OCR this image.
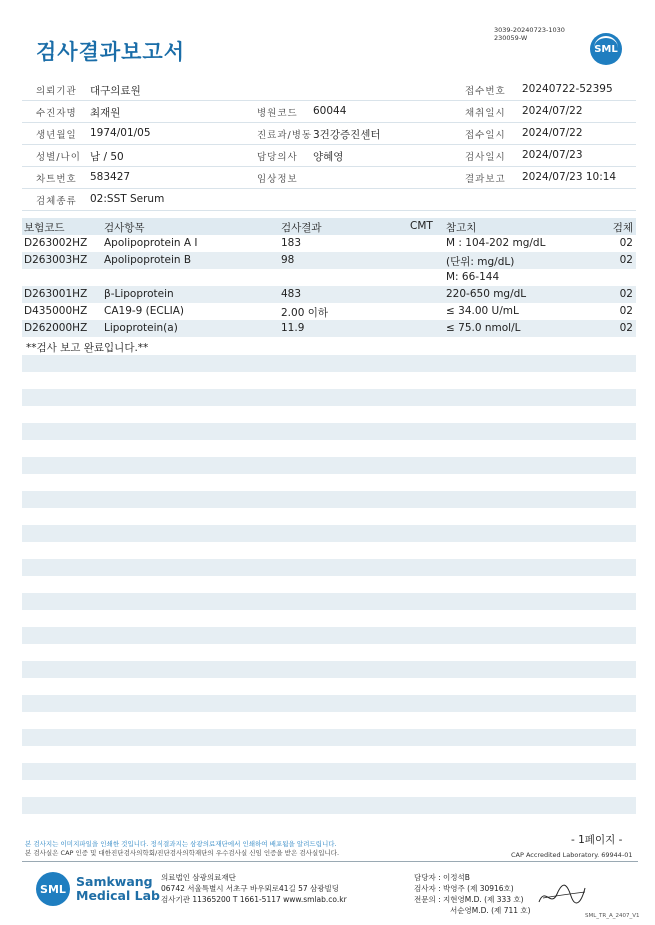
검사결과보고서
3039-20240723-1030
230059-W
SML
의뢰기관 대구의료원	접수번호 20240722-52395
수진자명 최재원	병원코드 60044	채취일시 2024/07/22
생년월일 1974/01/05	진료과/병동 3건강증진센터	접수일시 2024/07/22
성별/나이 남 / 50	담당의사 양혜영	검사일시 2024/07/23
차트번호 583427	임상정보	결과보고 2024/07/23 10:14
검체종류 02:SST Serum
보험코드	검사항목	검사결과	CMT 참고치	검체
D263002HZ Apolipoprotein A I	183	M : 104-202 mg/dL	02
D263003HZ Apolipoprotein B	98	(단위: mg/dL)	02
M: 66-144
D263001HZ β-Lipoprotein	483	220-650 mg/dL	02
D435000HZ CA19-9 (ECLIA)	2.00 이하	≤ 34.00 U/mL	02
D262000HZ Lipoprotein(a)	11.9	≤ 75.0 nmol/L	02
**검사 보고 완료입니다.**
본 검사지는 이미지파일을 인쇄한 것입니다. 정식결과지는 삼광의료재단에서 인쇄하여 배포됨을 알려드립니다.
본 검사실은 CAP 인증 및 대한진단검사의학회/진단검사의학재단의 우수검사실 신임 인증을 받은 검사실입니다.
- 1페이지 -
CAP Accredited Laboratory. 69944-01
SML Samkwang
Medical Lab
의료법인 삼광의료재단
06742 서울특별시 서초구 바우뫼로41길 57 삼광빌딩
검사기관 11365200 T 1661-5117 www.smlab.co.kr
담당자 : 이정석B
검사자 : 박영주 (제 30916호)
전문의 : 지현영M.D. (제 333 호)
서순영M.D. (제 711 호)
SML_TR_A_2407_V1
